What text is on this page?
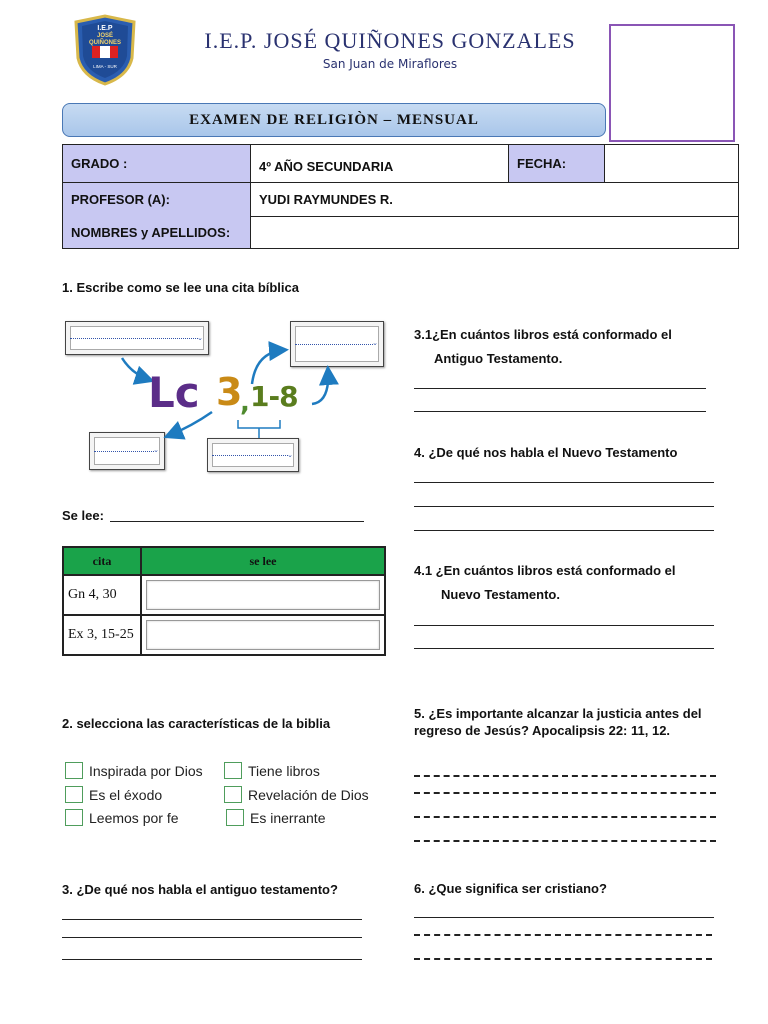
I.E.P
JOSÉ
QUIÑONES
LIMA - SUR
I.E.P. JOSÉ QUIÑONES GONZALES
San Juan de Miraflores
EXAMEN DE RELIGIÒN – MENSUAL
GRADO :	4º AÑO SECUNDARIA	FECHA:	
PROFESOR (A):	YUDI RAYMUNDES R.		
NOMBRES y APELLIDOS:			
1. Escribe como se lee una cita bíblica
⌄
⌄
⌄
⌄
Lc 3
, 1-8
Se lee:
cita	se lee
Gn 4, 30	

Ex 3, 15-25	
2. selecciona las características de la biblia
Inspirada por Dios
Es el éxodo
Leemos por fe
Tiene libros
Revelación de Dios
Es inerrante
3. ¿De qué nos habla el antiguo testamento?
3.1¿En cuántos libros está conformado el
Antiguo Testamento.
4. ¿De qué nos habla el Nuevo Testamento
4.1 ¿En cuántos libros está conformado el
Nuevo Testamento.
5. ¿Es importante alcanzar la justicia antes del
regreso de Jesús? Apocalipsis 22: 11, 12.
6. ¿Que significa ser cristiano?
